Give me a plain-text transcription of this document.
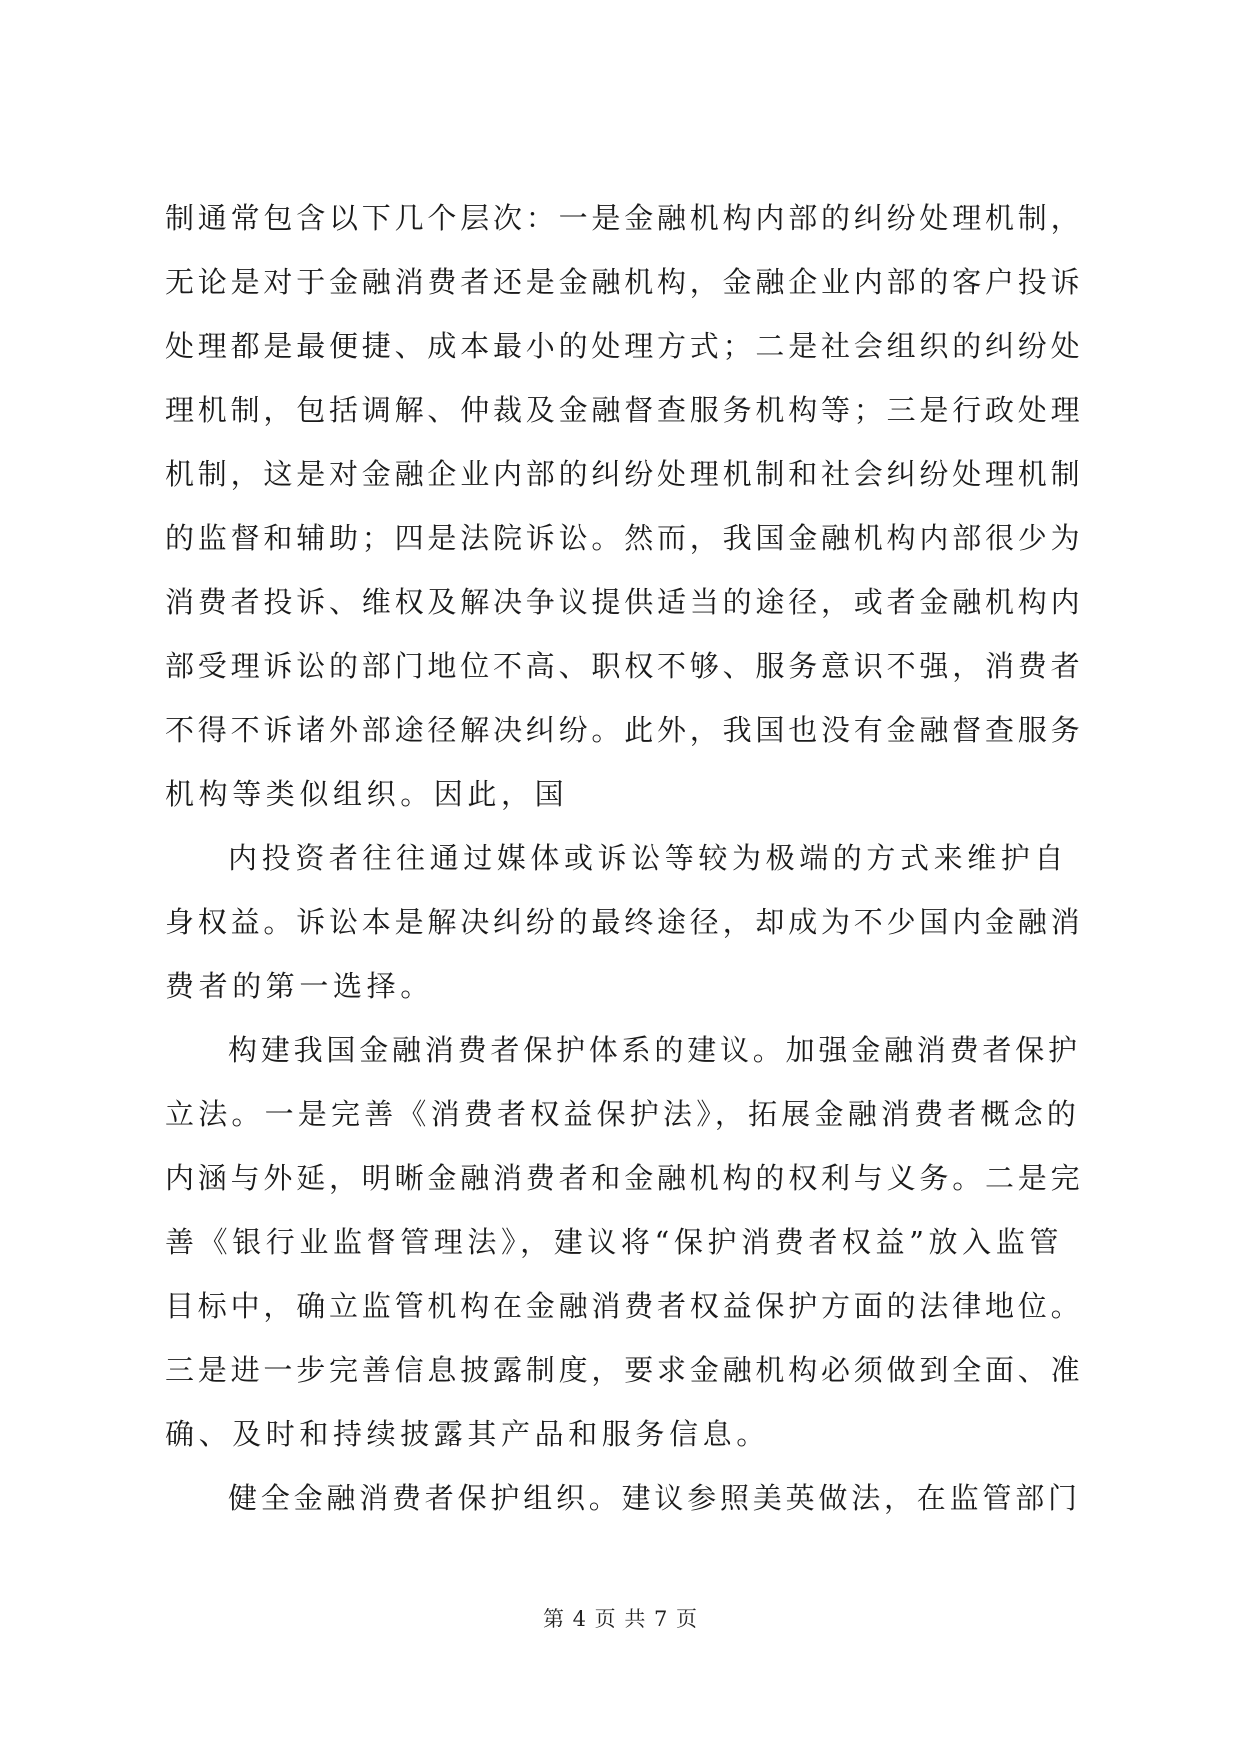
制通常包含以下几个层次：一是金融机构内部的纠纷处理机制，
无论是对于金融消费者还是金融机构，金融企业内部的客户投诉
处理都是最便捷、成本最小的处理方式；二是社会组织的纠纷处
理机制，包括调解、仲裁及金融督查服务机构等；三是行政处理
机制，这是对金融企业内部的纠纷处理机制和社会纠纷处理机制
的监督和辅助；四是法院诉讼。然而，我国金融机构内部很少为
消费者投诉、维权及解决争议提供适当的途径，或者金融机构内
部受理诉讼的部门地位不高、职权不够、服务意识不强，消费者
不得不诉诸外部途径解决纠纷。此外，我国也没有金融督查服务
机构等类似组织。因此，国
内投资者往往通过媒体或诉讼等较为极端的方式来维护自
身权益。诉讼本是解决纠纷的最终途径，却成为不少国内金融消
费者的第一选择。
构建我国金融消费者保护体系的建议。加强金融消费者保护
立法。一是完善《消费者权益保护法》，拓展金融消费者概念的
内涵与外延，明晰金融消费者和金融机构的权利与义务。二是完
善《银行业监督管理法》，建议将“保护消费者权益”放入监管
目标中，确立监管机构在金融消费者权益保护方面的法律地位。
三是进一步完善信息披露制度，要求金融机构必须做到全面、准
确、及时和持续披露其产品和服务信息。
健全金融消费者保护组织。建议参照美英做法，在监管部门
第 4 页 共 7 页
